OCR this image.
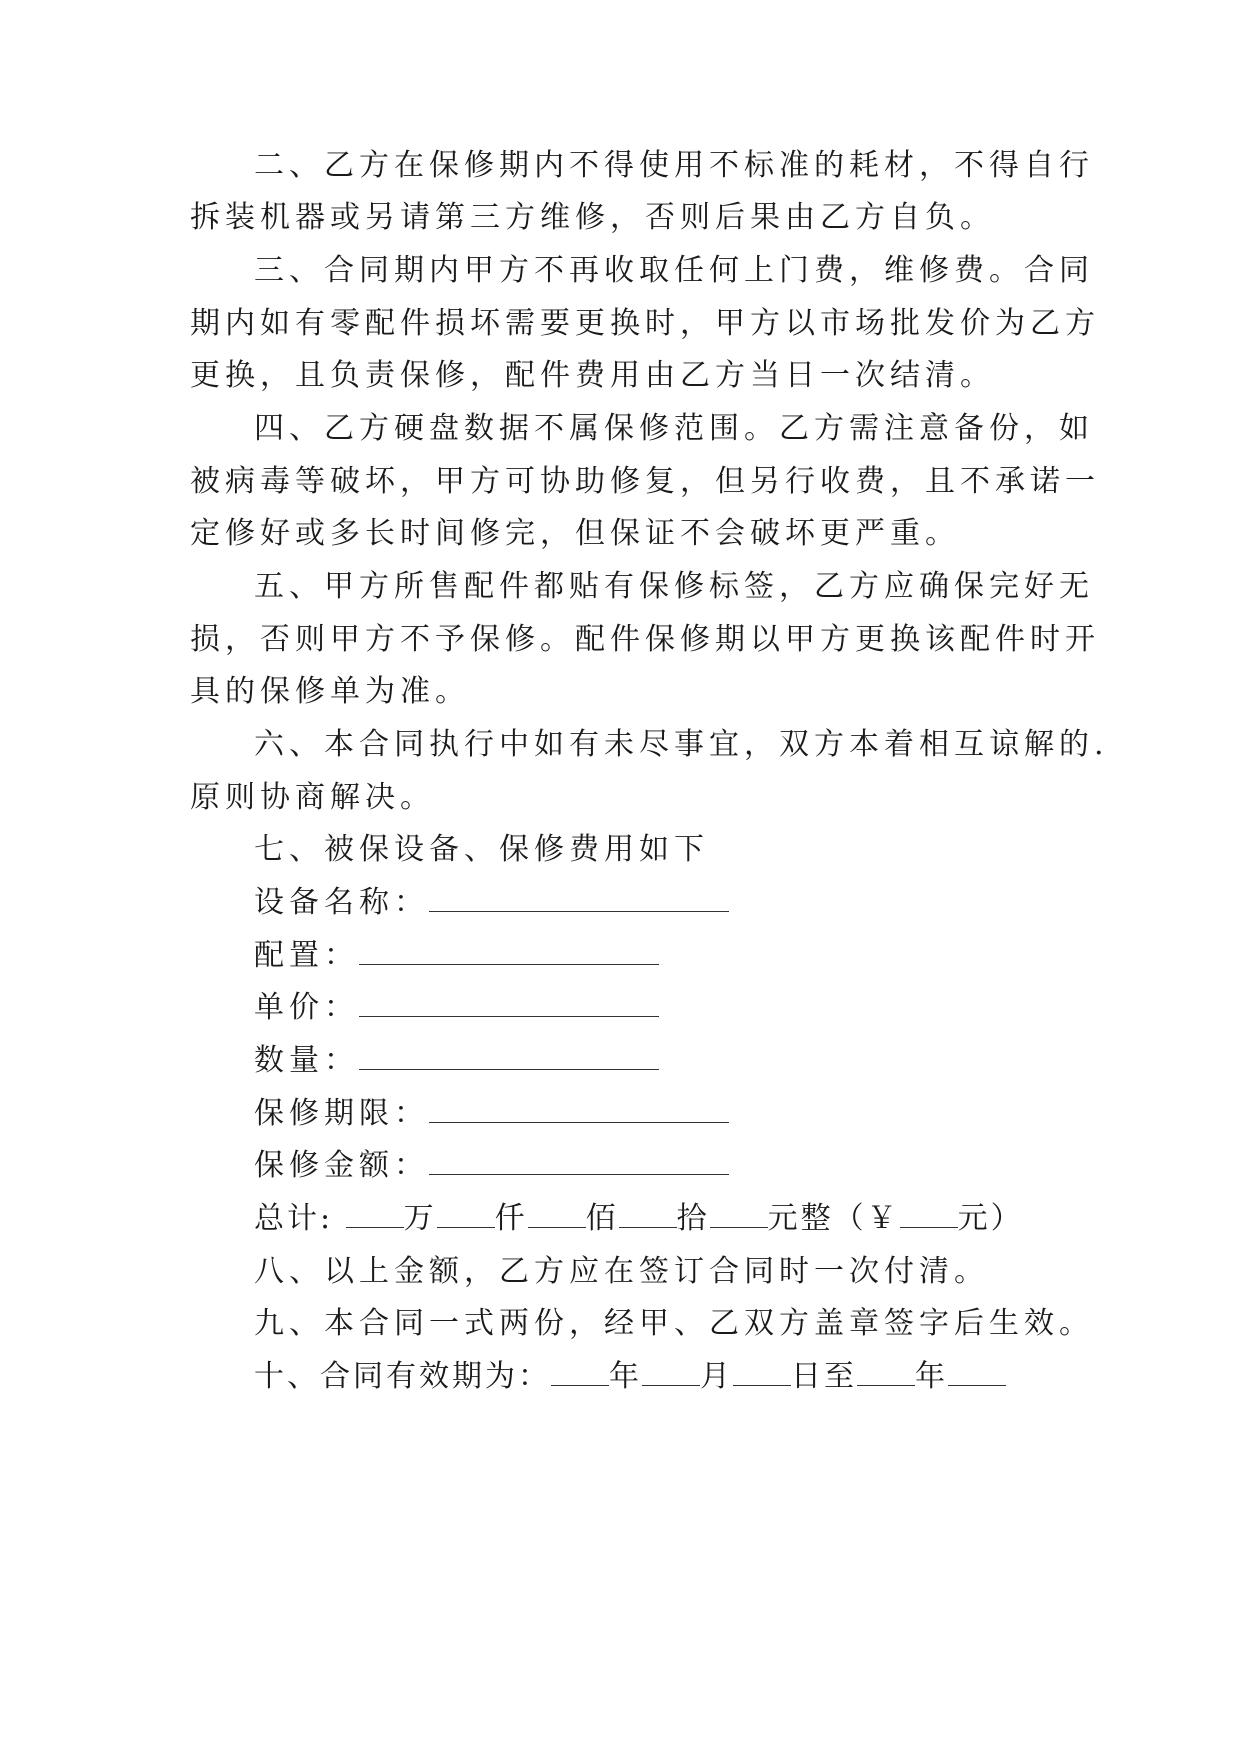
二、乙方在保修期内不得使用不标准的耗材，不得自行
拆装机器或另请第三方维修，否则后果由乙方自负。
三、合同期内甲方不再收取任何上门费，维修费。合同
期内如有零配件损坏需要更换时，甲方以市场批发价为乙方
更换，且负责保修，配件费用由乙方当日一次结清。
四、乙方硬盘数据不属保修范围。乙方需注意备份，如
被病毒等破坏，甲方可协助修复，但另行收费，且不承诺一
定修好或多长时间修完，但保证不会破坏更严重。
五、甲方所售配件都贴有保修标签，乙方应确保完好无
损，否则甲方不予保修。配件保修期以甲方更换该配件时开
具的保修单为准。
六、本合同执行中如有未尽事宜，双方本着相互谅解的.
原则协商解决。
七、被保设备、保修费用如下
设备名称：
配置：
单价：
数量：
保修期限：
保修金额：
总计: 万 仟 佰 拾 元整（￥ 元）
八、以上金额，乙方应在签订合同时一次付清。
九、本合同一式两份，经甲、乙双方盖章签字后生效。
十、合同有效期为： 年 月 日至 年
